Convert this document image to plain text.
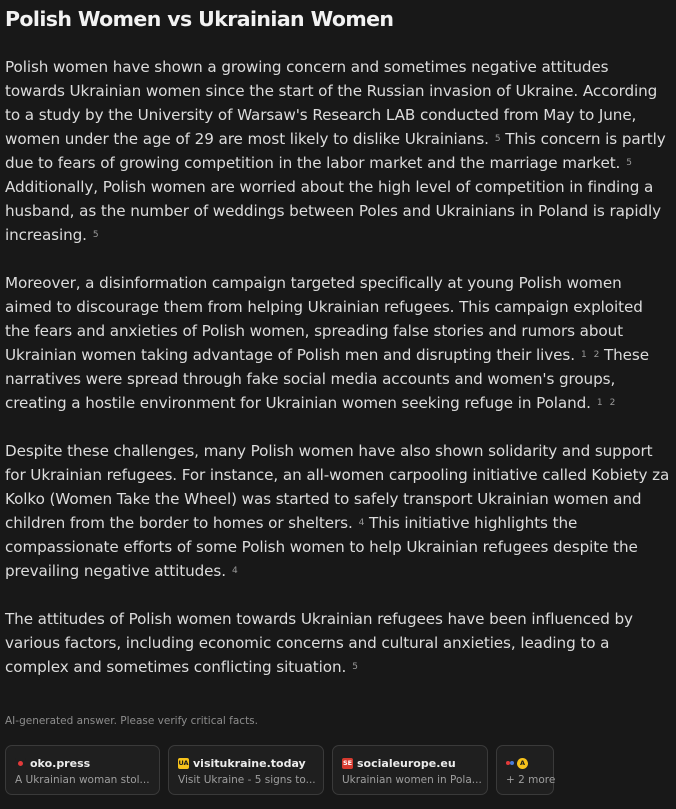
Polish Women vs Ukrainian Women

Polish women have shown a growing concern and sometimes negative attitudes towards Ukrainian women since the start of the Russian invasion of Ukraine. According to a study by the University of Warsaw's Research LAB conducted from May to June, women under the age of 29 are most likely to dislike Ukrainians. 5 This concern is partly due to fears of growing competition in the labor market and the marriage market. 5 Additionally, Polish women are worried about the high level of competition in finding a husband, as the number of weddings between Poles and Ukrainians in Poland is rapidly increasing. 5

Moreover, a disinformation campaign targeted specifically at young Polish women aimed to discourage them from helping Ukrainian refugees. This campaign exploited the fears and anxieties of Polish women, spreading false stories and rumors about Ukrainian women taking advantage of Polish men and disrupting their lives. 1 2 These narratives were spread through fake social media accounts and women's groups, creating a hostile environment for Ukrainian women seeking refuge in Poland. 1 2

Despite these challenges, many Polish women have also shown solidarity and support for Ukrainian refugees. For instance, an all-women carpooling initiative called Kobiety za Kolko (Women Take the Wheel) was started to safely transport Ukrainian women and children from the border to homes or shelters. 4 This initiative highlights the compassionate efforts of some Polish women to help Ukrainian refugees despite the prevailing negative attitudes. 4

The attitudes of Polish women towards Ukrainian refugees have been influenced by various factors, including economic concerns and cultural anxieties, leading to a complex and sometimes conflicting situation. 5

AI-generated answer. Please verify critical facts.
oko.press
A Ukrainian woman stol...
UA visitukraine.today
Visit Ukraine - 5 signs to...
SE socialeurope.eu
Ukrainian women in Pola...
A
+ 2 more
